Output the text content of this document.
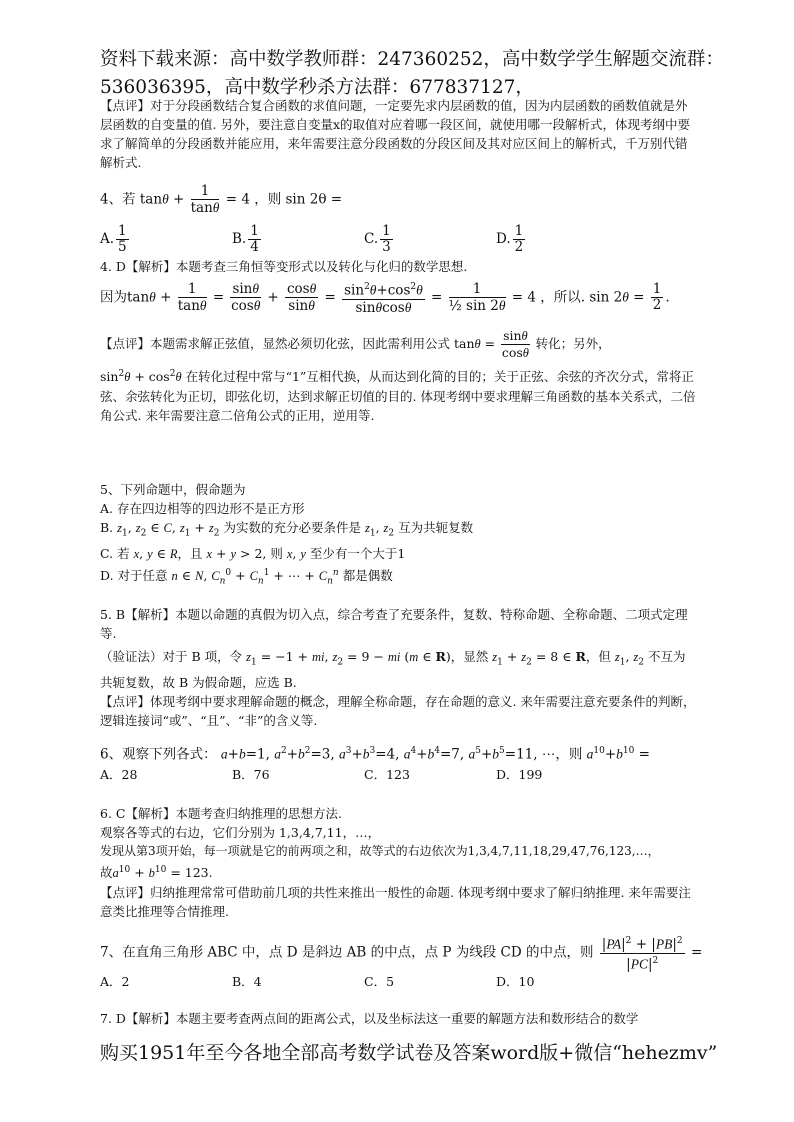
资料下载来源：高中数学教师群：247360252，高中数学学生解题交流群：
536036395，高中数学秒杀方法群：677837127，
【点评】对于分段函数结合复合函数的求值问题，一定要先求内层函数的值，因为内层函数的函数值就是外层函数的自变量的值. 另外，要注意自变量x的取值对应着哪一段区间，就使用哪一段解析式，体现考纲中要求了解简单的分段函数并能应用，来年需要注意分段函数的分段区间及其对应区间上的解析式，千万别代错解析式.
4、若 $\tan\theta + \frac{1}{\tan\theta} = 4$ ，则 sin 2θ =
A. $\frac{1}{5}$	B. $\frac{1}{4}$	C. $\frac{1}{3}$	D. $\frac{1}{2}$
4. D【解析】本题考查三角恒等变形式以及转化与化归的数学思想.
因为$\tan\theta + \frac{1}{\tan\theta} = \frac{\sin\theta}{\cos\theta} + \frac{\cos\theta}{\sin\theta} = \frac{\sin^2\theta+\cos^2\theta}{\sin\theta\cos\theta} = \frac{1}{\text{½ sin 2θ}} = 4$ ，所以. $\sin 2\theta = \frac{1}{2}$ .
【点评】本题需求解正弦值，显然必须切化弦，因此需利用公式 $\tan\theta = \frac{\sin\theta}{\cos\theta}$ 转化；另外，
$\sin^2\theta + \cos^2\theta$ 在转化过程中常与“1”互相代换，从而达到化简的目的；关于正弦、余弦的齐次分式，常将正弦、余弦转化为正切，即弦化切，达到求解正切值的目的. 体现考纲中要求理解三角函数的基本关系式，二倍角公式. 来年需要注意二倍角公式的正用，逆用等.
5、下列命题中，假命题为
A. 存在四边相等的四边形不是正方形
B. $z_1$, $z_2$ ∈ C, $z_1 + z_2$ 为实数的充分必要条件是 $z_1$, $z_2$ 互为共轭复数
C. 若 x, y ∈ R，且 x + y > 2, 则 x, y 至少有一个大于1
D. 对于任意 n ∈ N, $C_n^0 + C_n^1$ + ⋯ + $C_n^n$ 都是偶数
5. B【解析】本题以命题的真假为切入点，综合考查了充要条件，复数、特称命题、全称命题、二项式定理等.
（验证法）对于 B 项，令 $z_1 = -1$ + mi, $z_2 = 9$ − mi (m ∈ R)，显然 $z_1 + z_2 = 8$ ∈ R，但 $z_1$, $z_2$ 不互为
共轭复数，故 B 为假命题，应选 B.
【点评】体现考纲中要求理解命题的概念，理解全称命题，存在命题的意义. 来年需要注意充要条件的判断，逻辑连接词“或”、“且”、“非”的含义等.
6、观察下列各式： a+b=1, $a^2+b^2=3$, $a^3+b^3=4$, $a^4+b^4=7$, $a^5+b^5=11$, ⋯，则 $a^{10}+b^{10}$ =
A．28	B．76	C．123	D．199
6. C【解析】本题考查归纳推理的思想方法.
观察各等式的右边，它们分别为 1,3,4,7,11，…，
发现从第3项开始，每一项就是它的前两项之和，故等式的右边依次为1,3,4,7,11,18,29,47,76,123,…，
故$a^{10} + b^{10} = 123$.
【点评】归纳推理常常可借助前几项的共性来推出一般性的命题. 体现考纲中要求了解归纳推理. 来年需要注意类比推理等合情推理.
7、在直角三角形 ABC 中，点 D 是斜边 AB 的中点，点 P 为线段 CD 的中点，则 $\frac{|PA|^2 + |PB|^2}{|PC|^2}$ =
A．2	B．4	C．5	D．10
7. D【解析】本题主要考查两点间的距离公式，以及坐标法这一重要的解题方法和数形结合的数学
购买1951年至今各地全部高考数学试卷及答案word版+微信“hehezmv”
